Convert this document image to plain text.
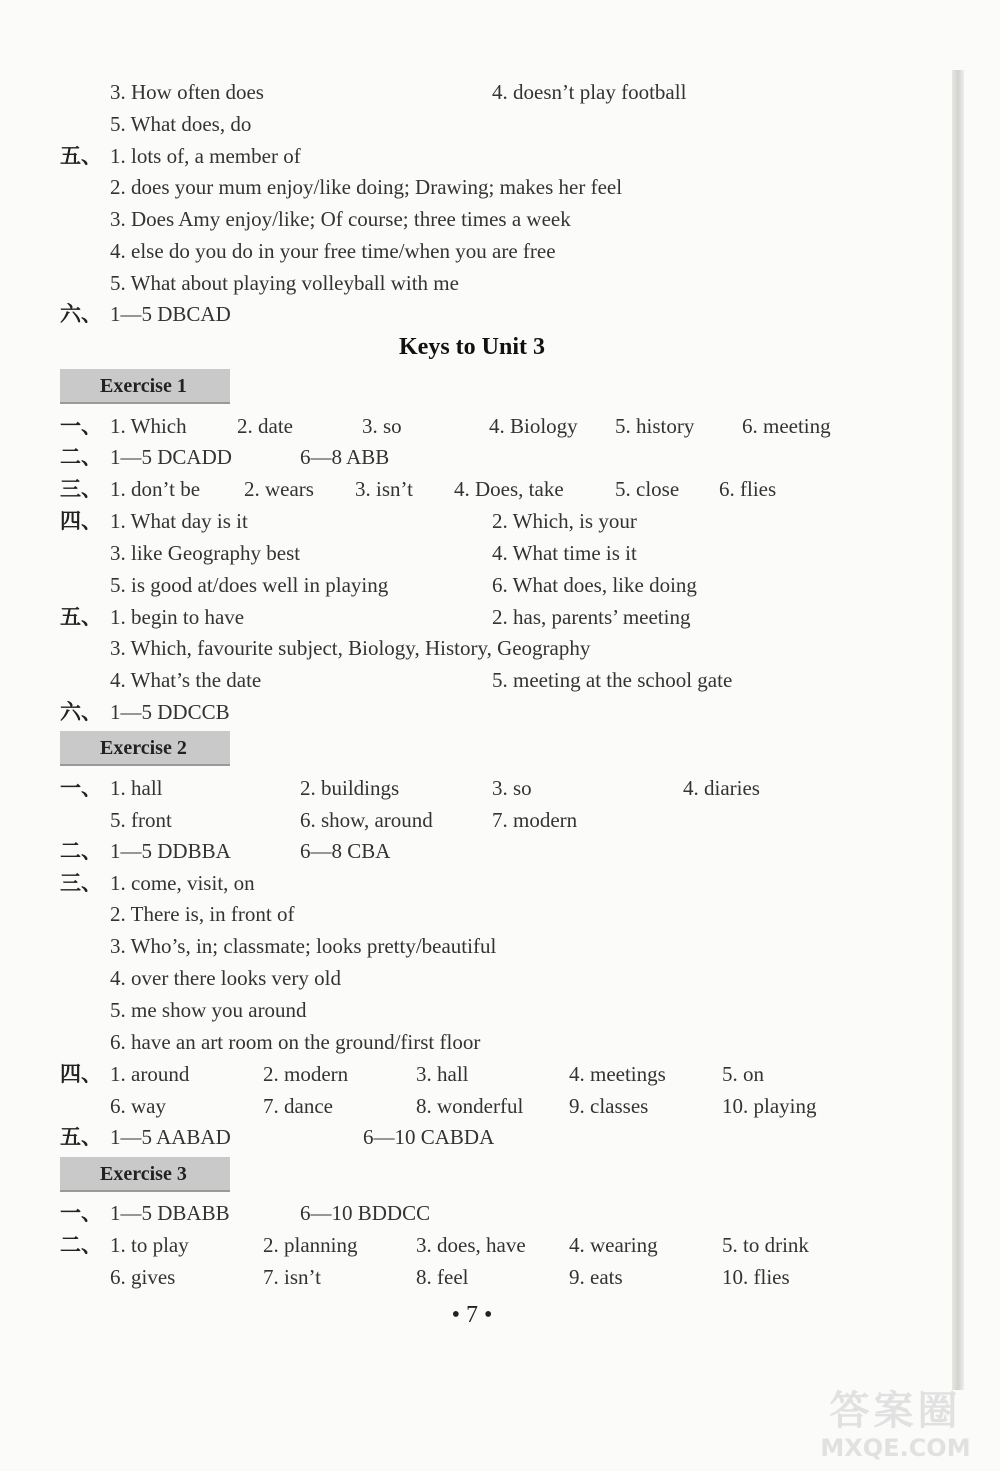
3. How often does	4. doesn’t play football
5. What does, do
五、 1. lots of, a member of
2. does your mum enjoy/like doing; Drawing; makes her feel
3. Does Amy enjoy/like; Of course; three times a week
4. else do you do in your free time/when you are free
5. What about playing volleyball with me
六、 1—5 DBCAD
Keys to Unit 3
Exercise 1
一、 1. Which 2. date	3. so	4. Biology 5. history 6. meeting
二、 1—5 DCADD	6—8 ABB
三、 1. don’t be 2. wears 3. isn’t 4. Does, take 5. close 6. flies
四、 1. What day is it	2. Which, is your
3. like Geography best	4. What time is it
5. is good at/does well in playing	6. What does, like doing
五、 1. begin to have	2. has, parents’ meeting
3. Which, favourite subject, Biology, History, Geography
4. What’s the date	5. meeting at the school gate
六、 1—5 DDCCB
Exercise 2
一、 1. hall	2. buildings	3. so	4. diaries
5. front	6. show, around	7. modern
二、 1—5 DDBBA	6—8 CBA
三、 1. come, visit, on
2. There is, in front of
3. Who’s, in; classmate; looks pretty/beautiful
4. over there looks very old
5. me show you around
6. have an art room on the ground/first floor
四、 1. around	2. modern	3. hall	4. meetings	5. on
6. way	7. dance	8. wonderful 9. classes	10. playing
五、 1—5 AABAD	6—10 CABDA
Exercise 3
一、 1—5 DBABB	6—10 BDDCC
二、 1. to play	2. planning	3. does, have 4. wearing	5. to drink
6. gives	7. isn’t	8. feel	9. eats	10. flies
• 7 •
答案圈
MXQE.COM
